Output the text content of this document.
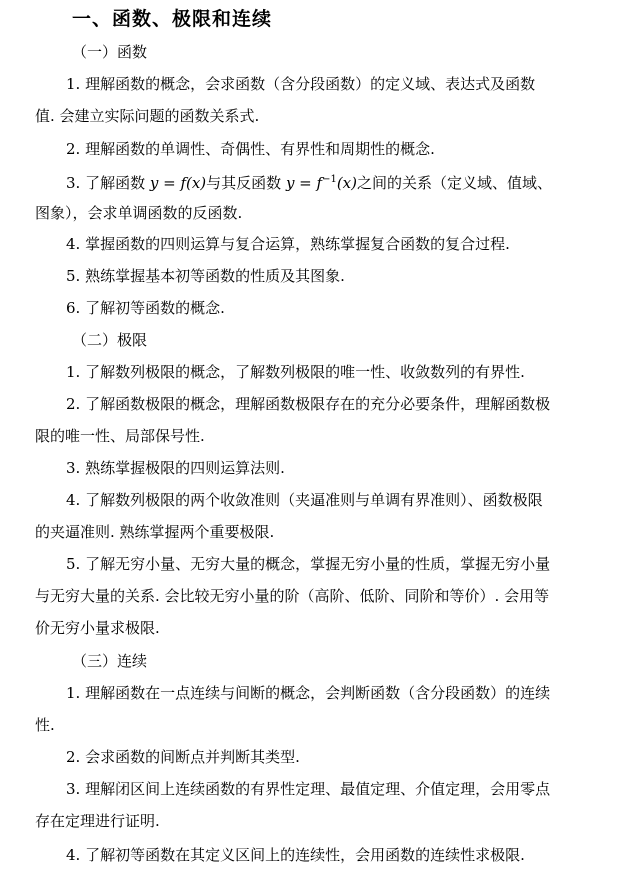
一、函数、极限和连续
（一）函数
1. 理解函数的概念，会求函数（含分段函数）的定义域、表达式及函数
值. 会建立实际问题的函数关系式.
2. 理解函数的单调性、奇偶性、有界性和周期性的概念.
3. 了解函数 y = f(x)与其反函数 $y = f^{-1}(x)$之间的关系（定义域、值域、
图象），会求单调函数的反函数.
4. 掌握函数的四则运算与复合运算，熟练掌握复合函数的复合过程.
5. 熟练掌握基本初等函数的性质及其图象.
6. 了解初等函数的概念.
（二）极限
1. 了解数列极限的概念，了解数列极限的唯一性、收敛数列的有界性.
2. 了解函数极限的概念，理解函数极限存在的充分必要条件，理解函数极
限的唯一性、局部保号性.
3. 熟练掌握极限的四则运算法则.
4. 了解数列极限的两个收敛准则（夹逼准则与单调有界准则）、函数极限
的夹逼准则. 熟练掌握两个重要极限.
5. 了解无穷小量、无穷大量的概念，掌握无穷小量的性质，掌握无穷小量
与无穷大量的关系. 会比较无穷小量的阶（高阶、低阶、同阶和等价）. 会用等
价无穷小量求极限.
（三）连续
1. 理解函数在一点连续与间断的概念，会判断函数（含分段函数）的连续
性.
2. 会求函数的间断点并判断其类型.
3. 理解闭区间上连续函数的有界性定理、最值定理、介值定理，会用零点
存在定理进行证明.
4. 了解初等函数在其定义区间上的连续性，会用函数的连续性求极限.
